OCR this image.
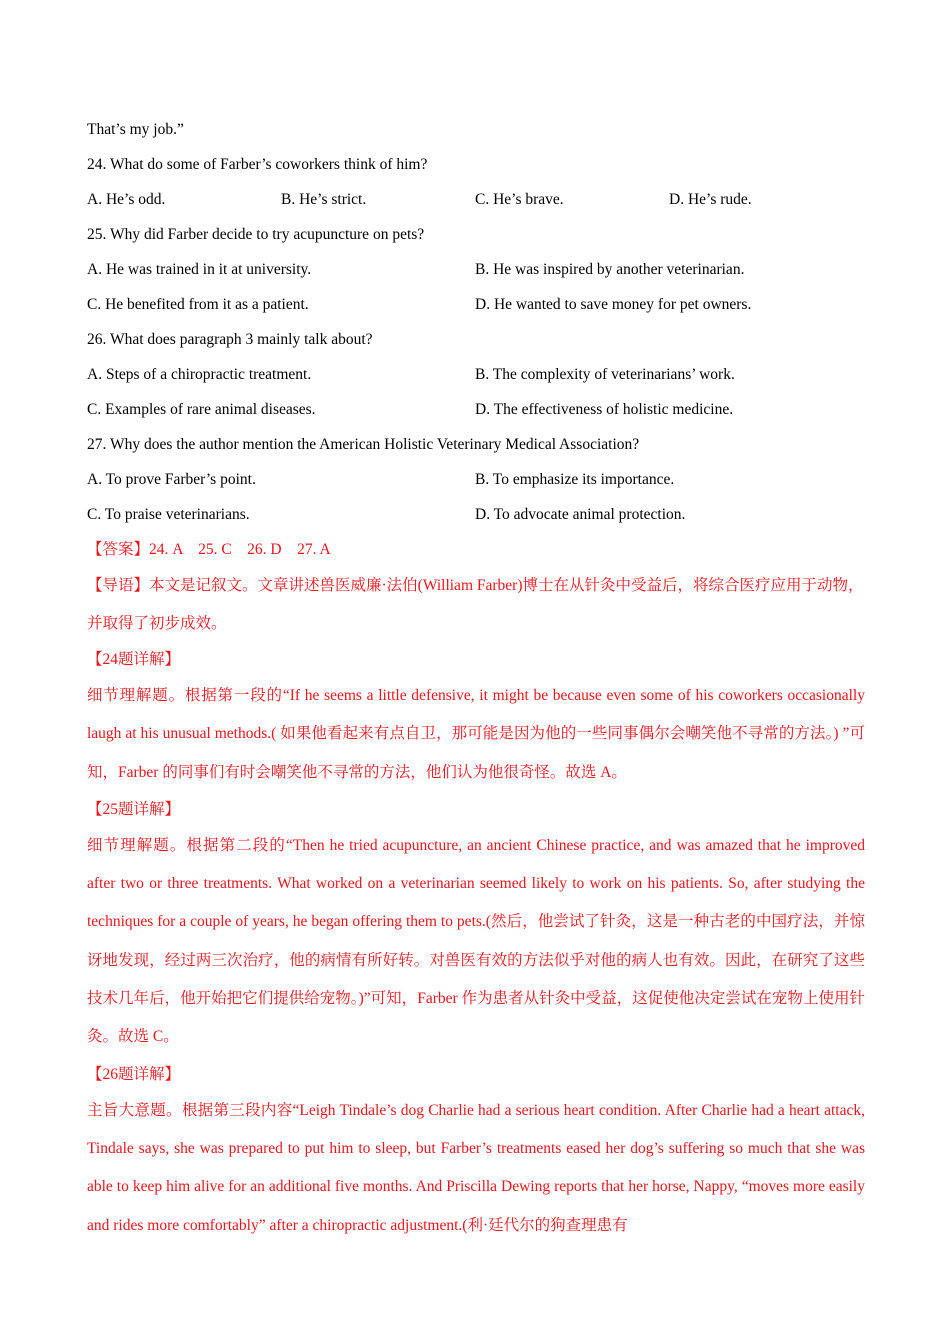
That’s my job.”
24. What do some of Farber’s coworkers think of him?
A. He’s odd.	B. He’s strict.	C. He’s brave.	D. He’s rude.
25. Why did Farber decide to try acupuncture on pets?
A. He was trained in it at university.	B. He was inspired by another veterinarian.
C. He benefited from it as a patient.	D. He wanted to save money for pet owners.
26. What does paragraph 3 mainly talk about?
A. Steps of a chiropractic treatment.	B. The complexity of veterinarians’ work.
C. Examples of rare animal diseases.	D. The effectiveness of holistic medicine.
27. Why does the author mention the American Holistic Veterinary Medical Association?
A. To prove Farber’s point.	B. To emphasize its importance.
C. To praise veterinarians.	D. To advocate animal protection.
【答案】24. A    25. C    26. D    27. A
【导语】本文是记叙文。文章讲述兽医威廉·法伯(William Farber)博士在从针灸中受益后，将综合医疗应用于动物，并取得了初步成效。
【24题详解】
细节理解题。根据第一段的“If he seems a little defensive, it might be because even some of his coworkers occasionally laugh at his unusual methods.( 如果他看起来有点自卫，那可能是因为他的一些同事偶尔会嘲笑他不寻常的方法。) ”可知，Farber 的同事们有时会嘲笑他不寻常的方法，他们认为他很奇怪。故选 A。
【25题详解】
细节理解题。根据第二段的“Then he tried acupuncture, an ancient Chinese practice, and was amazed that he improved after two or three treatments. What worked on a veterinarian seemed likely to work on his patients. So, after studying the techniques for a couple of years, he began offering them to pets.(然后，他尝试了针灸，这是一种古老的中国疗法，并惊讶地发现，经过两三次治疗，他的病情有所好转。对兽医有效的方法似乎对他的病人也有效。因此，在研究了这些技术几年后，他开始把它们提供给宠物。)”可知，Farber 作为患者从针灸中受益，这促使他决定尝试在宠物上使用针灸。故选 C。
【26题详解】
主旨大意题。根据第三段内容“Leigh Tindale’s dog Charlie had a serious heart condition. After Charlie had a heart attack, Tindale says, she was prepared to put him to sleep, but Farber’s treatments eased her dog’s suffering so much that she was able to keep him alive for an additional five months. And Priscilla Dewing reports that her horse, Nappy, “moves more easily and rides more comfortably” after a chiropractic adjustment.(利·廷代尔的狗查理患有
